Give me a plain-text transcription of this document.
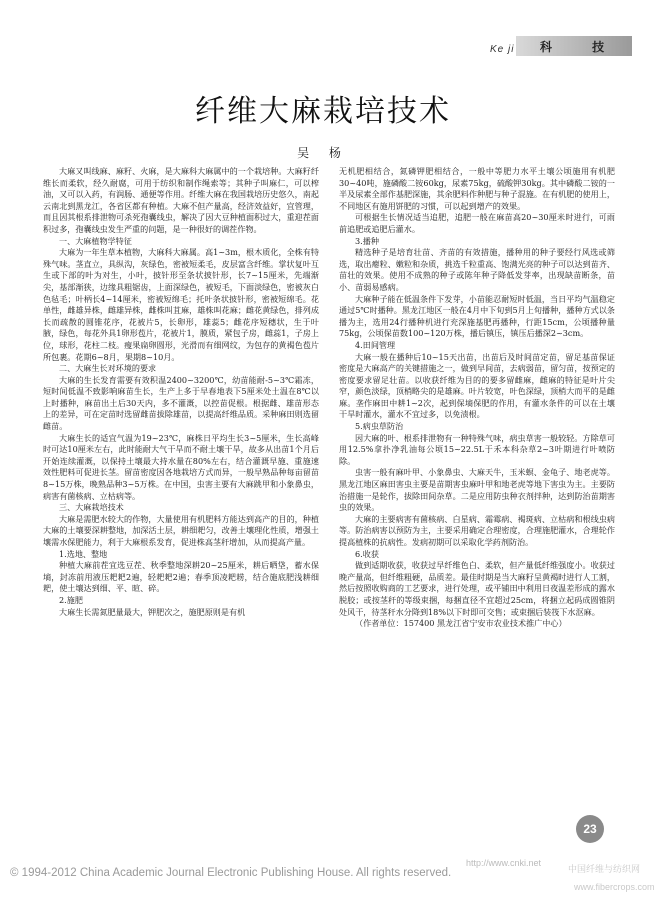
Ke ji 科 技
纤维大麻栽培技术
吴 杨

大麻又叫线麻、麻籽、火麻，是大麻科大麻属中的一个栽培种。大麻籽纤维长而柔软，经久耐腐，可用于纺织和制作绳索等；其种子叫麻仁，可以榨油，又可以入药，有润肠、通便等作用。纤维大麻在我国栽培历史悠久，南起云南北到黑龙江，各省区都有种植。大麻不但产量高，经济效益好，宜管理，而且因其根系排泄物可杀死孢囊线虫，解决了因大豆种植面积过大，重迎茬面积过多，孢囊线虫发生严重的问题，是一种很好的调茬作物。

一、大麻植物学特征

大麻为一年生草本植物，大麻科大麻属。高1~3m，根木质化，全株有特殊气味。茎直立，具纵沟，灰绿色，密被短柔毛，皮层富含纤维。掌状复叶互生或下部的叶为对生，小叶，披针形至条状披针形，长7~15厘米，先端渐尖，基部渐狭，边缘具粗锯齿，上面深绿色，被短毛，下面淡绿色，密被灰白色毡毛；叶柄长4~14厘米，密被短绵毛；托叶条状披针形，密被短绵毛。花单性，雌雄异株，雌雄异株，雌株叫苴麻，雄株叫花麻；雌花黄绿色，排列成长而疏散的圆锥花序，花被片5，长卵形，雄蕊5；雌花序短穗状，生于叶腋，绿色，每花外具1卵形苞片，花被片1，膜质，紧包子房，雌蕊1，子房上位，球形，花柱二枝。瘦果扁卵圆形，光滑而有细网纹，为包存的黄褐色苞片所包裹。花期6~8月，果期8~10月。

二、大麻生长对环境的要求

大麻的生长发育需要有效积温2400~3200℃，幼苗能耐-5~3℃霜冻，短时间低温不致影响麻苗生长，生产上多于早春地表下5厘米处土温在8℃以上时播种，麻苗出土后30天内，多不灌溉，以控苗促根。根据雌、雄苗形态上的差异，可在定苗时选留雌苗拔除雄苗，以提高纤维品质。采种麻田则选留雌苗。

大麻生长的适宜气温为19~23℃，麻株日平均生长3~5厘米，生长高峰时可达10厘米左右，此时能耐大气干旱而不耐土壤干旱，故多从出苗1个月后开始连续灌溉，以保持土壤最大持水量在80%左右，结合灌溉早施、重施速效性肥料可促进长茎。留苗密度因各地栽培方式而异，一般早熟品种每亩留苗8~15万株，晚熟品种3~5万株。在中国，虫害主要有大麻跳甲和小象鼻虫，病害有菌核病、立枯病等。

三、大麻栽培技术

大麻是需肥水较大的作物，大量使用有机肥料方能达到高产的目的，种植大麻的土壤要深耕整地，加深活土层，耕细耙匀，改善土壤理化性质，增强土壤需水保肥能力，利于大麻根系发育，促进株高茎秆增加，从而提高产量。

1.选地、整地

种植大麻前茬宜选豆茬、秋季整地深耕20~25厘米，耕后晒垡，蓄水保墒，封冻前用液压耙耙2遍，轻耙耙2遍；春季顶凌耙耢，结合施底肥浅耕细耙，使土壤达到细、平、暄、碎。

2.施肥

大麻生长需氮肥量最大，钾肥次之，施肥原则是有机

无机肥相结合，氮磷钾肥相结合，一般中等肥力水平土壤公顷施用有机肥30~40吨，施磷酸二铵60kg，尿素75kg，硫酸钾30kg。其中磷酸二铵的一半及尿素全部作基肥深施，其余肥料作种肥与种子混施。在有机肥的使用上，不同地区有施用饼肥的习惯，可以起到增产的效果。

可根据生长情况适当追肥，追肥一般在麻苗高20~30厘米时进行，可雨前追肥或追肥后灌水。

3.播种

精选种子是培育壮苗、齐苗的有效措施，播种用的种子要经行风选或筛选，取出瘪粒、嫩粒和杂质，挑选千粒重高、饱满光亮的种子可以达到苗齐、苗壮的效果。使用不成熟的种子或陈年种子降低发芽率，出现缺苗断条，苗小、苗弱易感病。

大麻种子能在低温条件下发芽，小苗能忍耐短时低温，当日平均气温稳定通过5℃时播种。黑龙江地区一般在4月中下旬到5月上旬播种，播种方式以条播为主，选用24行播种机进行充深施基肥再播种，行距15cm，公顷播种量75kg，公顷保苗数100~120万株，播后镇压，镇压后播深2~3cm。

4.田间管理

大麻一般在播种后10~15天出苗，出苗后及时间苗定苗，留足基苗保证密度是大麻高产的关键措施之一，做到早间苗，去病弱苗，留匀苗，按预定的密度要求留足壮苗。以收获纤维为目的的要多留雌麻，雌麻的特征是叶片尖窄，颜色淡绿，顶梢略尖的是雄麻。叶片较宽，叶色深绿，顶梢大而平的是雌麻。垄作麻田中耕1~2次，起到保墒保肥的作用，有灌水条件的可以在土壤干旱时灌水，灌水不宜过多，以免渍根。

5.病虫草防治

因大麻的叶、根系排泄物有一种特殊气味，病虫草害一般较轻。方除草可用12.5%拿扑净乳油每公顷15~22.5L于禾本科杂草2~3叶期进行叶喷防除。

虫害一般有麻叶甲、小象鼻虫、大麻天牛，玉米螟、金龟子、地老虎等。黑龙江地区麻田害虫主要是苗期害虫麻叶甲和地老虎等地下害虫为主。主要防治措施一是轮作，拔除田间杂草。二是应用防虫种衣剂拌种，达到防治苗期害虫的效果。

大麻的主要病害有菌核病、白星病、霜霉病、褐斑病、立枯病和根线虫病等。防治病害以预防为主，主要采用确定合理密度，合理施肥灌水，合理轮作提高植株的抗病性。发病初期可以采取化学药剂防治。

6.收获

做到适期收获，收获过早纤维色白、柔软，但产量低纤维强度小。收获过晚产量高，但纤维粗硬，品质差。最佳时期是当大麻籽呈黄褐时进行人工割，然后按照收购商的工艺要求，进行处理，或平铺田中利用日夜温差形成的露水脱胶；或按茎秆的等级束捆，每捆直径不宜超过25cm，将捆立起码成圆锥阴处风干，待茎秆水分降到18%以下时即可交售；或束捆后装筏下水沤麻。

（作者单位：157400 黑龙江省宁安市农业技术推广中心）

23
http://www.cnki.net
© 1994-2012 China Academic Journal Electronic Publishing House. All rights reserved.	中国纤维与纺织网
www.fibercrops.com
